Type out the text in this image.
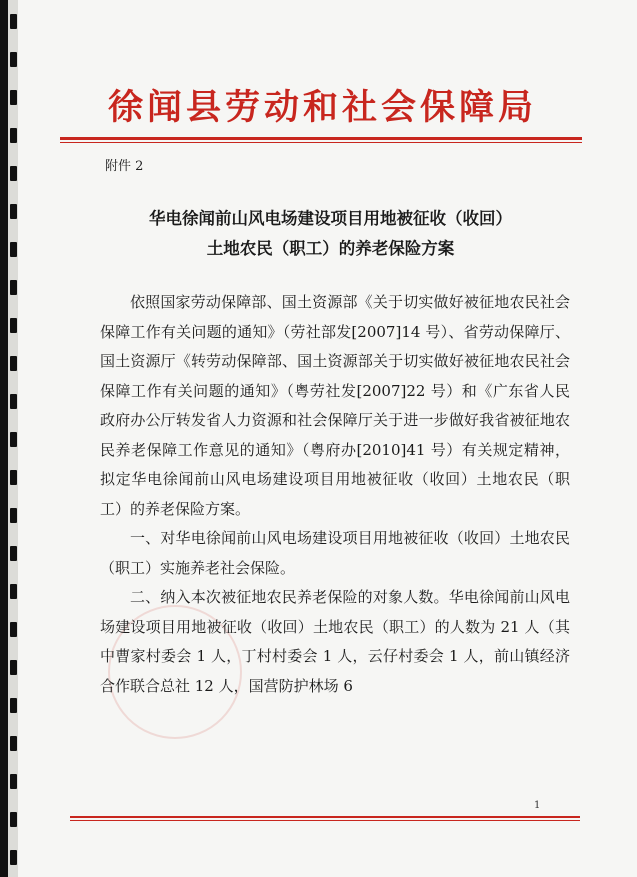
徐闻县劳动和社会保障局
附件 2
华电徐闻前山风电场建设项目用地被征收（收回）
土地农民（职工）的养老保险方案

依照国家劳动保障部、国土资源部《关于切实做好被征地农民社会保障工作有关问题的通知》（劳社部发[2007]14 号）、省劳动保障厅、国土资源厅《转劳动保障部、国土资源部关于切实做好被征地农民社会保障工作有关问题的通知》（粤劳社发[2007]22 号）和《广东省人民政府办公厅转发省人力资源和社会保障厅关于进一步做好我省被征地农民养老保障工作意见的通知》（粤府办[2010]41 号）有关规定精神，拟定华电徐闻前山风电场建设项目用地被征收（收回）土地农民（职工）的养老保险方案。

一、对华电徐闻前山风电场建设项目用地被征收（收回）土地农民（职工）实施养老社会保险。

二、纳入本次被征地农民养老保险的对象人数。华电徐闻前山风电场建设项目用地被征收（收回）土地农民（职工）的人数为 21 人（其中曹家村委会 1 人，丁村村委会 1 人，云仔村委会 1 人，前山镇经济合作联合总社 12 人，国营防护林场 6

1
